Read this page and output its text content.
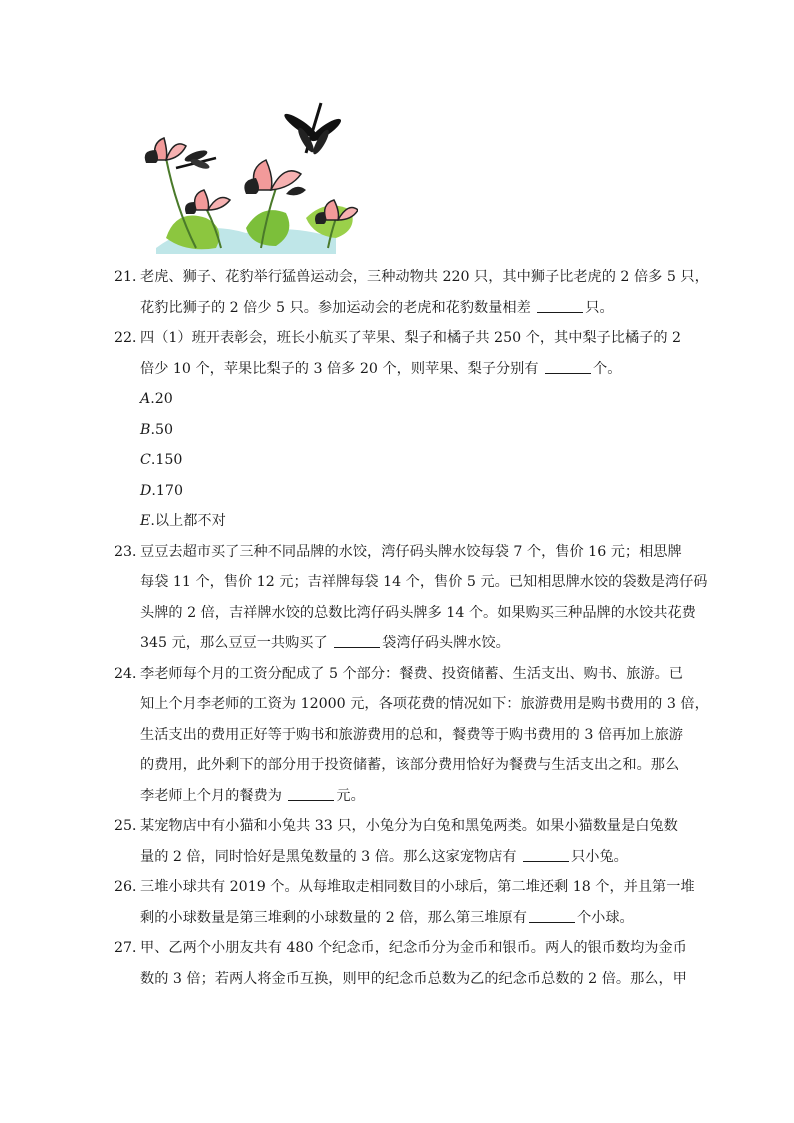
21．老虎、狮子、花豹举行猛兽运动会，三种动物共 220 只，其中狮子比老虎的 2 倍多 5 只，
花豹比狮子的 2 倍少 5 只。参加运动会的老虎和花豹数量相差	只。
22．四（1）班开表彰会，班长小航买了苹果、梨子和橘子共 250 个，其中梨子比橘子的 2
倍少 10 个，苹果比梨子的 3 倍多 20 个，则苹果、梨子分别有	个。
A.20
B.50
C.150
D.170
E.以上都不对
23．豆豆去超市买了三种不同品牌的水饺，湾仔码头牌水饺每袋 7 个，售价 16 元；相思牌
每袋 11 个，售价 12 元；吉祥牌每袋 14 个，售价 5 元。已知相思牌水饺的袋数是湾仔码
头牌的 2 倍，吉祥牌水饺的总数比湾仔码头牌多 14 个。如果购买三种品牌的水饺共花费
345 元，那么豆豆一共购买了	袋湾仔码头牌水饺。
24．李老师每个月的工资分配成了 5 个部分：餐费、投资储蓄、生活支出、购书、旅游。已
知上个月李老师的工资为 12000 元，各项花费的情况如下：旅游费用是购书费用的 3 倍，
生活支出的费用正好等于购书和旅游费用的总和，餐费等于购书费用的 3 倍再加上旅游
的费用，此外剩下的部分用于投资储蓄，该部分费用恰好为餐费与生活支出之和。那么
李老师上个月的餐费为	元。
25．某宠物店中有小猫和小兔共 33 只，小兔分为白兔和黑兔两类。如果小猫数量是白兔数
量的 2 倍，同时恰好是黑兔数量的 3 倍。那么这家宠物店有	只小兔。
26．三堆小球共有 2019 个。从每堆取走相同数目的小球后，第二堆还剩 18 个，并且第一堆
剩的小球数量是第三堆剩的小球数量的 2 倍，那么第三堆原有	个小球。
27．甲、乙两个小朋友共有 480 个纪念币，纪念币分为金币和银币。两人的银币数均为金币
数的 3 倍；若两人将金币互换，则甲的纪念币总数为乙的纪念币总数的 2 倍。那么，甲
